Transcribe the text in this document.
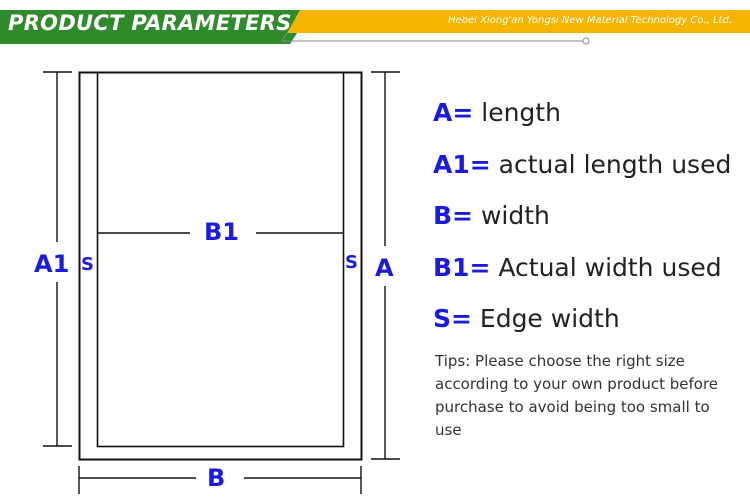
PRODUCT PARAMETERS	Hebei Xiong'an Yongsi New Material Technology Co., Ltd.
A1 S
B1
S A
B
A= length
A1= actual length used
B= width
B1= Actual width used
S= Edge width
Tips: Please choose the right size according to your own product before purchase to avoid being too small to use
